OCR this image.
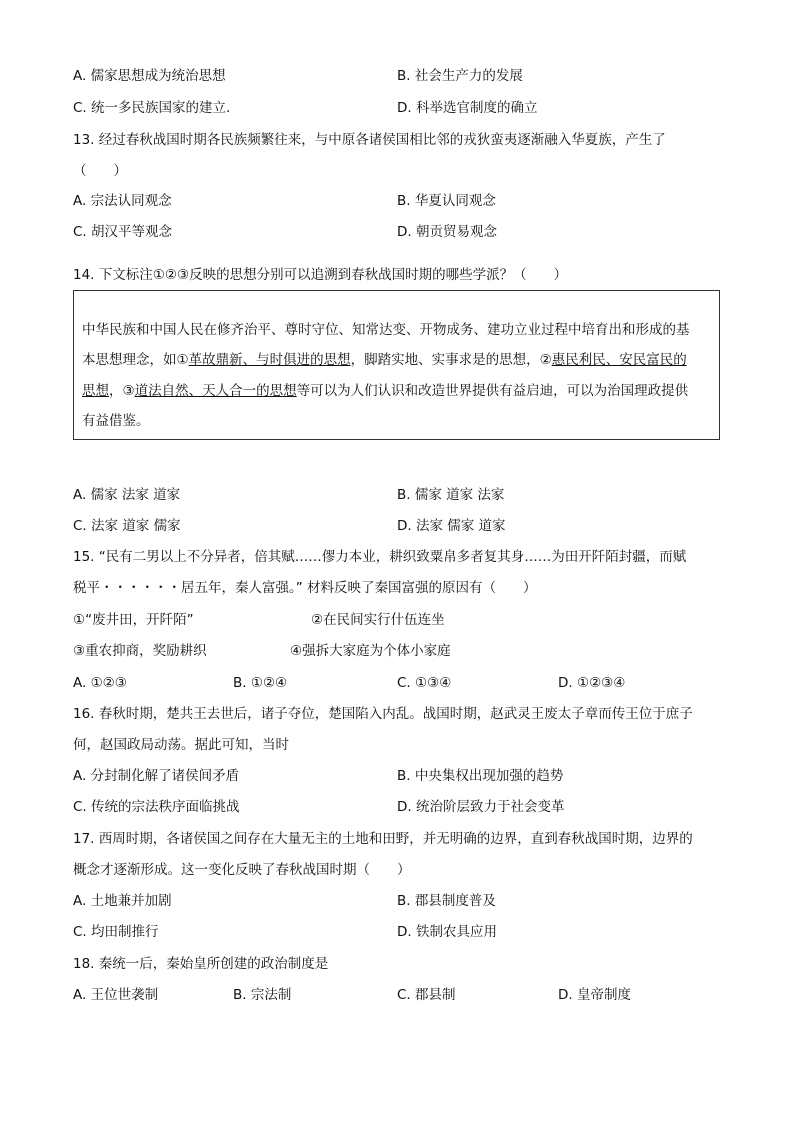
A. 儒家思想成为统治思想	B. 社会生产力的发展
C. 统一多民族国家的建立.	D. 科举选官制度的确立
13. 经过春秋战国时期各民族频繁往来，与中原各诸侯国相比邻的戎狄蛮夷逐渐融入华夏族，产生了
（　　）
A. 宗法认同观念	B. 华夏认同观念
C. 胡汉平等观念	D. 朝贡贸易观念
14. 下文标注①②③反映的思想分别可以追溯到春秋战国时期的哪些学派？（　　）
中华民族和中国人民在修齐治平、尊时守位、知常达变、开物成务、建功立业过程中培育出和形成的基
本思想理念，如①革故鼎新、与时俱进的思想，脚踏实地、实事求是的思想，②惠民利民、安民富民的
思想，③道法自然、天人合一的思想等可以为人们认识和改造世界提供有益启迪，可以为治国理政提供
有益借鉴。
A. 儒家 法家 道家	B. 儒家 道家 法家
C. 法家 道家 儒家	D. 法家 儒家 道家
15. “民有二男以上不分异者，倍其赋……僇力本业，耕织致粟帛多者复其身……为田开阡陌封疆，而赋
税平・・・・・・居五年，秦人富强。” 材料反映了秦国富强的原因有（　　）
①“废井田，开阡陌”	②在民间实行什伍连坐
③重农抑商，奖励耕织	④强拆大家庭为个体小家庭
A. ①②③	B. ①②④	C. ①③④	D. ①②③④
16. 春秋时期，楚共王去世后，诸子夺位，楚国陷入内乱。战国时期，赵武灵王废太子章而传王位于庶子
何，赵国政局动荡。据此可知，当时
A. 分封制化解了诸侯间矛盾	B. 中央集权出现加强的趋势
C. 传统的宗法秩序面临挑战	D. 统治阶层致力于社会变革
17. 西周时期，各诸侯国之间存在大量无主的土地和田野，并无明确的边界，直到春秋战国时期，边界的
概念才逐渐形成。这一变化反映了春秋战国时期（　　）
A. 土地兼并加剧	B. 郡县制度普及
C. 均田制推行	D. 铁制农具应用
18. 秦统一后，秦始皇所创建的政治制度是
A. 王位世袭制	B. 宗法制	C. 郡县制	D. 皇帝制度
